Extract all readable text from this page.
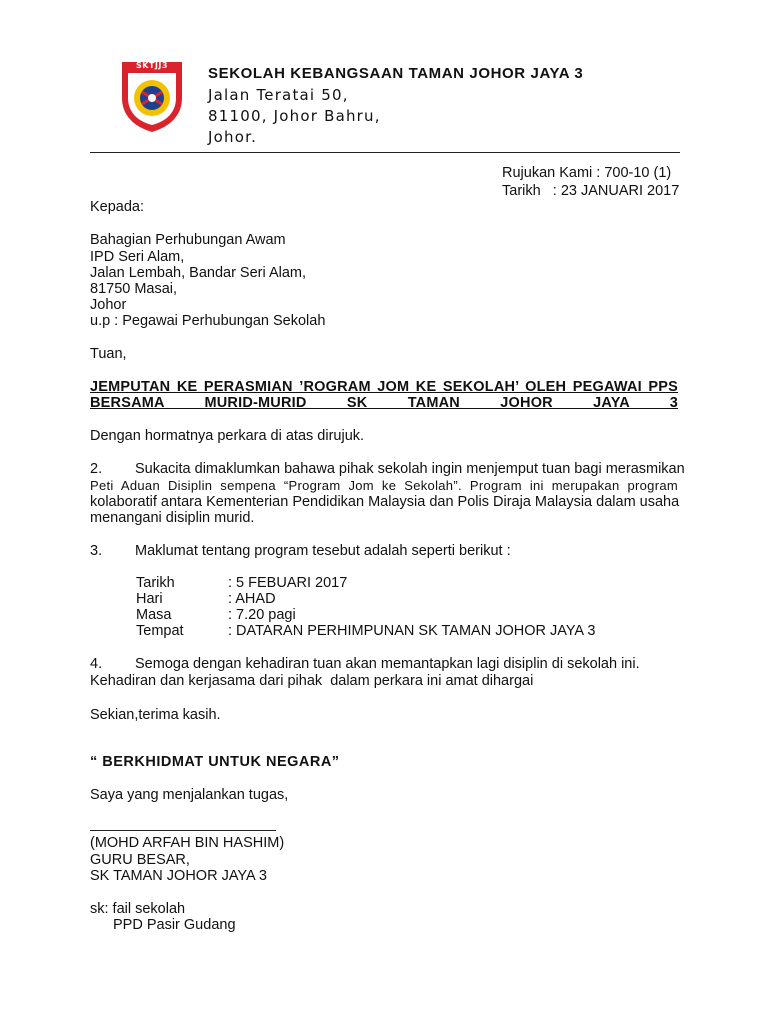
SKTJJ3	SEKOLAH KEBANGSAAN TAMAN JOHOR JAYA 3
Jalan Teratai 50,
81100, Johor Bahru,
Johor.
Rujukan Kami : 700-10 (1)
Tarikh   : 23 JANUARI 2017
Kepada:
Bahagian Perhubungan Awam
IPD Seri Alam,
Jalan Lembah, Bandar Seri Alam,
81750 Masai,
Johor
u.p : Pegawai Perhubungan Sekolah
Tuan,
JEMPUTAN KE PERASMIAN ’ROGRAM JOM KE SEKOLAH’ OLEH PEGAWAI PPS
BERSAMA MURID-MURID SK TAMAN JOHOR JAYA 3
Dengan hormatnya perkara di atas dirujuk.
2. Sukacita dimaklumkan bahawa pihak sekolah ingin menjemput tuan bagi merasmikan
Peti Aduan Disiplin sempena “Program Jom ke Sekolah”. Program ini merupakan program
kolaboratif antara Kementerian Pendidikan Malaysia dan Polis Diraja Malaysia dalam usaha
menangani disiplin murid.
3. Maklumat tentang program tesebut adalah seperti berikut :
Tarikh	: 5 FEBUARI 2017
Hari	: AHAD
Masa	: 7.20 pagi
Tempat	: DATARAN PERHIMPUNAN SK TAMAN JOHOR JAYA 3
4. Semoga dengan kehadiran tuan akan memantapkan lagi disiplin di sekolah ini.
Kehadiran dan kerjasama dari pihak  dalam perkara ini amat dihargai
Sekian,terima kasih.
“ BERKHIDMAT UNTUK NEGARA”
Saya yang menjalankan tugas,
(MOHD ARFAH BIN HASHIM)
GURU BESAR,
SK TAMAN JOHOR JAYA 3
sk: fail sekolah
PPD Pasir Gudang
